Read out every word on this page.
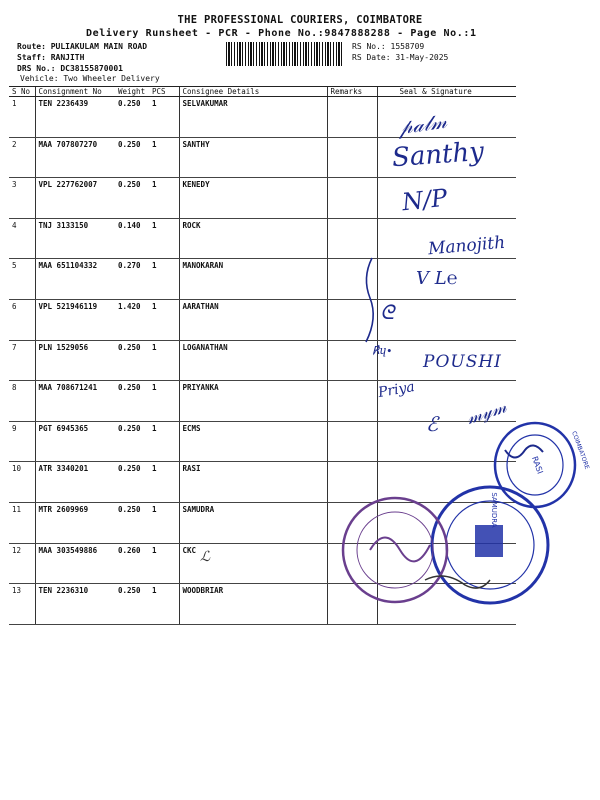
THE PROFESSIONAL COURIERS, COIMBATORE
Delivery Runsheet - PCR - Phone No.:9847888288 - Page No.:1
Route: PULIAKULAM MAIN ROAD
Staff: RANJITH
DRS No.: DC38155870001
Vehicle: Two Wheeler Delivery
RS No.: 1558709
RS Date: 31-May-2025
S No	Consignment No	Weight	PCS	Consignee Details	Remarks	Seal & Signature
1	TEN 2236439	0.250	1	SELVAKUMAR		
2	MAA 707807270	0.250	1	SANTHY		
3	VPL 227762007	0.250	1	KENEDY		
4	TNJ 3133150	0.140	1	ROCK		
5	MAA 651104332	0.270	1	MANOKARAN		
6	VPL 521946119	1.420	1	AARATHAN		
7	PLN 1529056	0.250	1	LOGANATHAN		
8	MAA 708671241	0.250	1	PRIYANKA		
9	PGT 6945365	0.250	1	ECMS		
10	ATR 3340201	0.250	1	RASI		
11	MTR 2609969	0.250	1	SAMUDRA		
12	MAA 303549886	0.260	1	CKC		
13	TEN 2236310	0.250	1	WOODBRIAR		
𝓅𝒶𝓁𝓂
Santhy
N/P
Manojith
V L℮
ᘓ
℟ɥ∙
POUSHI
Priya
𝓂𝓎𝓂
ℰ
ℒ
RASI	COIMBATORE
SAMUDRA
